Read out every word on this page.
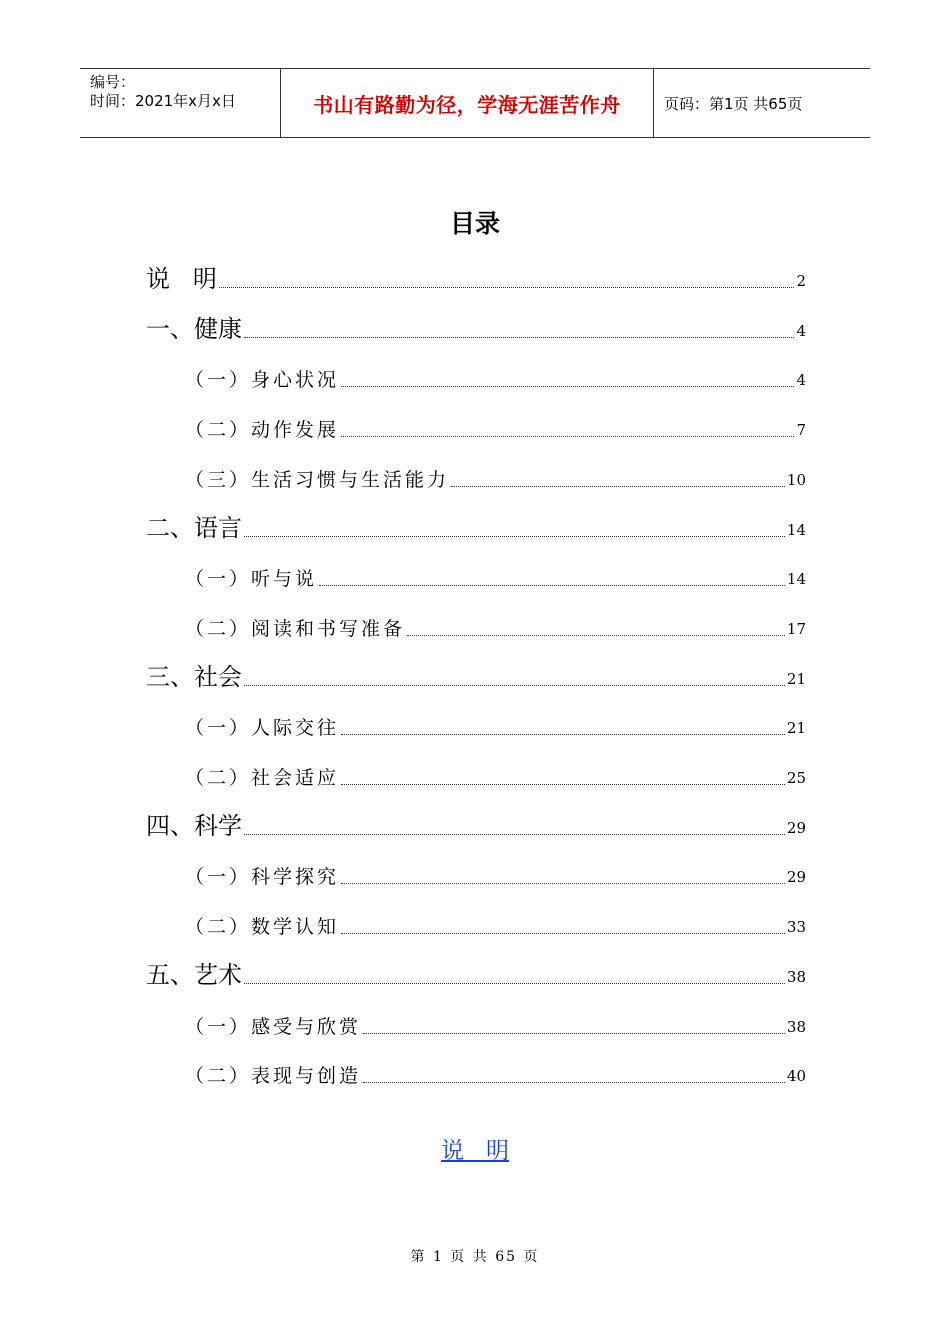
编号：
时间：2021年x月x日	书山有路勤为径，学海无涯苦作舟	页码：第1页 共65页
目录
说   明	2
一、健康	4
（一）身心状况	4
（二）动作发展	7
（三）生活习惯与生活能力	10
二、语言	14
（一）听与说	14
（二）阅读和书写准备	17
三、社会	21
（一）人际交往	21
（二）社会适应	25
四、科学	29
（一）科学探究	29
（二）数学认知	33
五、艺术	38
（一）感受与欣赏	38
（二）表现与创造	40
说   明
第 1 页 共 65 页
